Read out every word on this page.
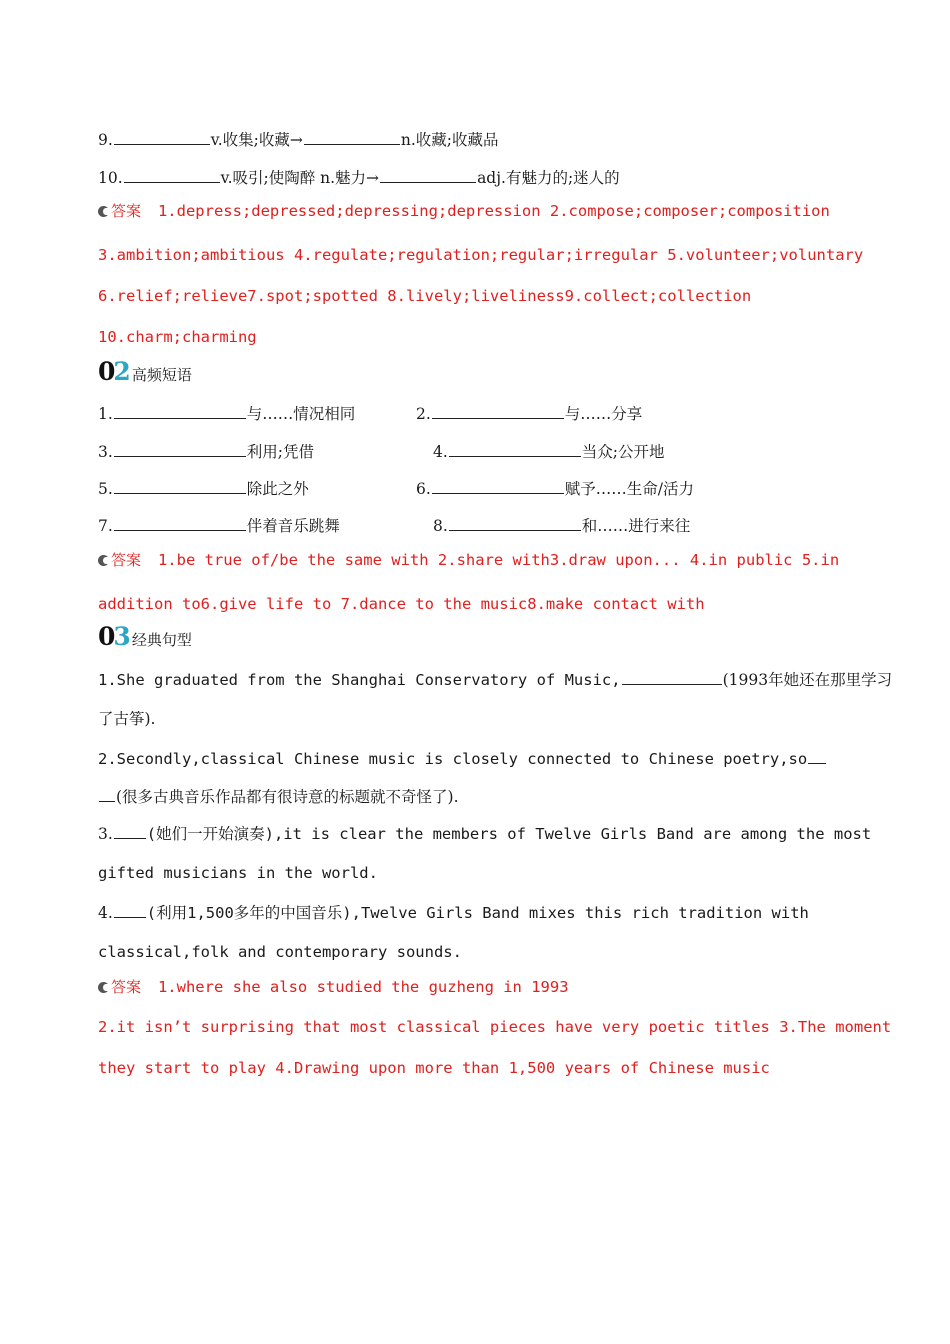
9.	v.收集;收藏→	n.收藏;收藏品
10.	v.吸引;使陶醉 n.魅力→	adj.有魅力的;迷人的
答案 1.depress;depressed;depressing;depression 2.compose;composer;composition
3.ambition;ambitious 4.regulate;regulation;regular;irregular 5.volunteer;voluntary
6.relief;relieve7.spot;spotted 8.lively;liveliness9.collect;collection
10.charm;charming
02 高频短语
1.	与……情况相同	2.	与……分享
3.	利用;凭借	4.	当众;公开地
5.	除此之外	6.	赋予……生命/活力
7.	伴着音乐跳舞	8.	和……进行来往
答案 1.be true of/be the same with 2.share with3.draw upon... 4.in public 5.in
addition to6.give life to 7.dance to the music8.make contact with
03 经典句型
1.She graduated from the Shanghai Conservatory of Music,	(1993年她还在那里学习
了古筝).
2.Secondly,classical Chinese music is closely connected to Chinese poetry,so
(很多古典音乐作品都有很诗意的标题就不奇怪了).
3. (她们一开始演奏),it is clear the members of Twelve Girls Band are among the most
gifted musicians in the world.
4. (利用1,500多年的中国音乐),Twelve Girls Band mixes this rich tradition with
classical,folk and contemporary sounds.
答案 1.where she also studied the guzheng in 1993
2.it isn’t surprising that most classical pieces have very poetic titles 3.The moment
they start to play 4.Drawing upon more than 1,500 years of Chinese music
